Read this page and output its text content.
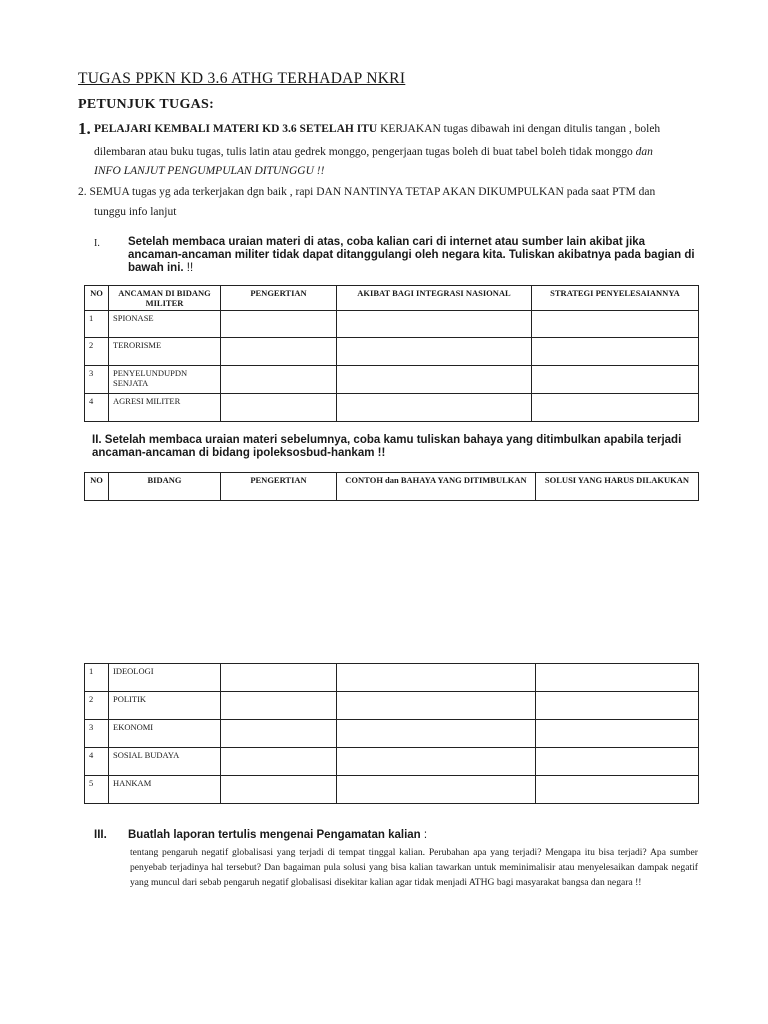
TUGAS PPKN KD 3.6 ATHG TERHADAP NKRI
PETUNJUK TUGAS:
1. PELAJARI KEMBALI MATERI KD 3.6 SETELAH ITU KERJAKAN tugas dibawah ini dengan ditulis tangan , boleh
dilembaran atau buku tugas, tulis latin atau gedrek monggo, pengerjaan tugas boleh di buat tabel boleh tidak monggo dan
INFO LANJUT PENGUMPULAN DITUNGGU !!
2. SEMUA tugas yg ada terkerjakan dgn baik , rapi DAN NANTINYA TETAP AKAN DIKUMPULKAN pada saat PTM dan
tunggu info lanjut
I. Setelah membaca uraian materi di atas, coba kalian cari di internet atau sumber lain akibat jika ancaman-ancaman militer tidak dapat ditanggulangi oleh negara kita. Tuliskan akibatnya pada bagian di bawah ini. !!
NO	ANCAMAN DI BIDANG MILITER	PENGERTIAN	AKIBAT BAGI INTEGRASI NASIONAL	STRATEGI PENYELESAIANNYA
1	SPIONASE			
2	TERORISME			
3	PENYELUNDUPDN SENJATA			
4	AGRESI MILITER			
II. Setelah membaca uraian materi sebelumnya, coba kamu tuliskan bahaya yang ditimbulkan apabila terjadi ancaman-ancaman di bidang ipoleksosbud-hankam !!
NO	BIDANG	PENGERTIAN	CONTOH dan BAHAYA YANG DITIMBULKAN	SOLUSI YANG HARUS DILAKUKAN
1	IDEOLOGI			
2	POLITIK			
3	EKONOMI			
4	SOSIAL BUDAYA			
5	HANKAM			
III. Buatlah laporan tertulis mengenai Pengamatan kalian :
tentang pengaruh negatif globalisasi yang terjadi di tempat tinggal kalian. Perubahan apa yang terjadi? Mengapa itu bisa terjadi? Apa sumber penyebab terjadinya hal tersebut? Dan bagaiman pula solusi yang bisa kalian tawarkan untuk meminimalisir atau menyelesaikan dampak negatif yang muncul dari sebab pengaruh negatif globalisasi disekitar kalian agar tidak menjadi ATHG bagi masyarakat bangsa dan negara !!
